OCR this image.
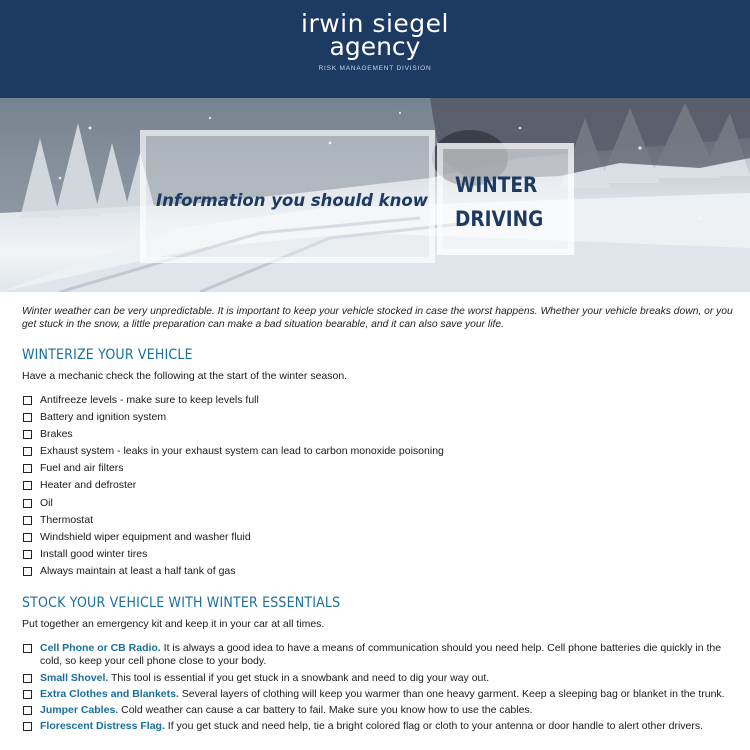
irwin siegel
agency
RISK MANAGEMENT DIVISION
Information you should know
WINTER
DRIVING
Winter weather can be very unpredictable. It is important to keep your vehicle stocked in case the worst happens. Whether your vehicle breaks down, or you get stuck in the snow, a little preparation can make a bad situation bearable, and it can also save your life.
WINTERIZE YOUR VEHICLE
Have a mechanic check the following at the start of the winter season.
Antifreeze levels - make sure to keep levels full
Battery and ignition system
Brakes
Exhaust system - leaks in your exhaust system can lead to carbon monoxide poisoning
Fuel and air filters
Heater and defroster
Oil
Thermostat
Windshield wiper equipment and washer fluid
Install good winter tires
Always maintain at least a half tank of gas
STOCK YOUR VEHICLE WITH WINTER ESSENTIALS
Put together an emergency kit and keep it in your car at all times.
Cell Phone or CB Radio. It is always a good idea to have a means of communication should you need help. Cell phone batteries die quickly in the cold, so keep your cell phone close to your body.
Small Shovel. This tool is essential if you get stuck in a snowbank and need to dig your way out.
Extra Clothes and Blankets. Several layers of clothing will keep you warmer than one heavy garment. Keep a sleeping bag or blanket in the trunk.
Jumper Cables. Cold weather can cause a car battery to fail. Make sure you know how to use the cables.
Florescent Distress Flag. If you get stuck and need help, tie a bright colored flag or cloth to your antenna or door handle to alert other drivers.
